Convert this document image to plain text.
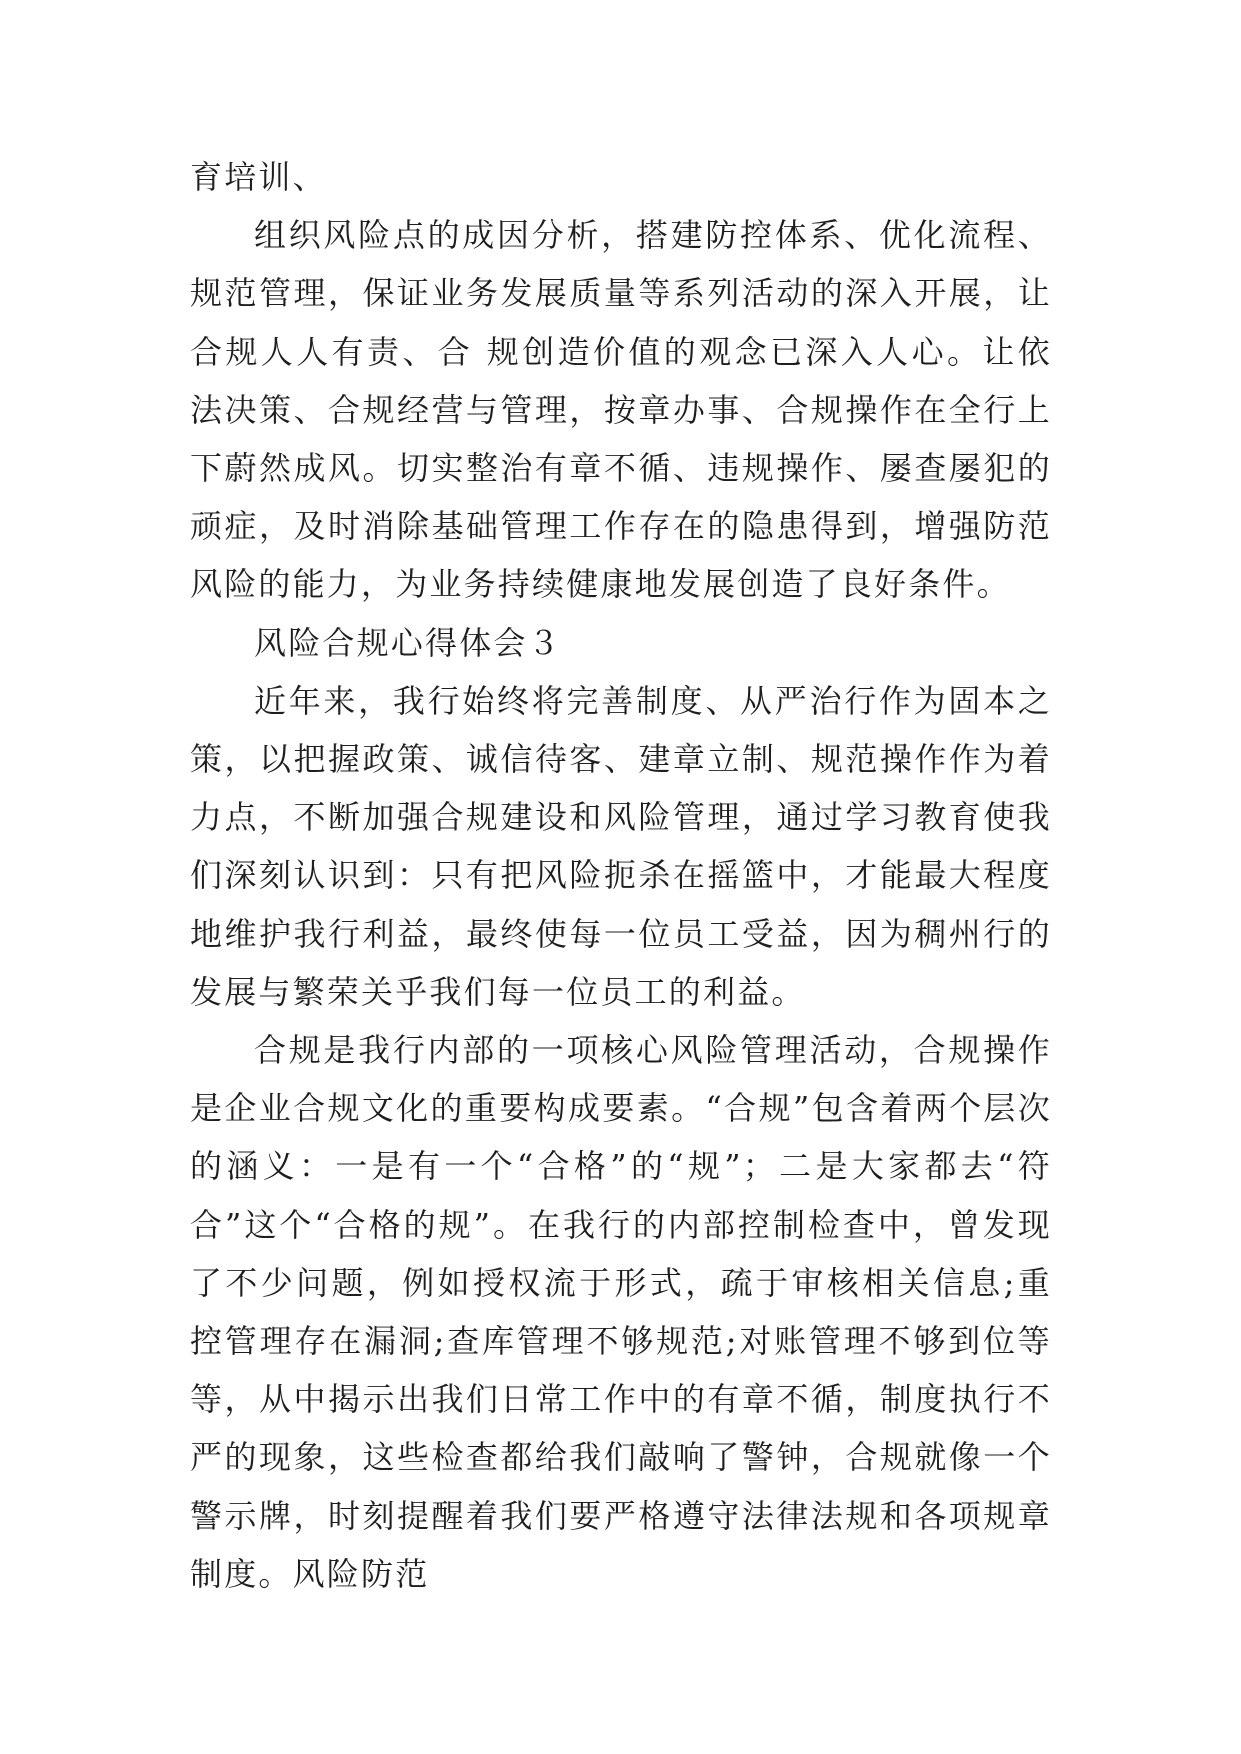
育培训、

组织风险点的成因分析，搭建防控体系、优化流程、规范管理，保证业务发展质量等系列活动的深入开展，让合规人人有责、合 规创造价值的观念已深入人心。让依法决策、合规经营与管理，按章办事、合规操作在全行上下蔚然成风。切实整治有章不循、违规操作、屡查屡犯的顽症，及时消除基础管理工作存在的隐患得到，增强防范风险的能力，为业务持续健康地发展创造了良好条件。

风险合规心得体会３

近年来，我行始终将完善制度、从严治行作为固本之策，以把握政策、诚信待客、建章立制、规范操作作为着力点，不断加强合规建设和风险管理，通过学习教育使我们深刻认识到：只有把风险扼杀在摇篮中，才能最大程度地维护我行利益，最终使每一位员工受益，因为稠州行的发展与繁荣关乎我们每一位员工的利益。

合规是我行内部的一项核心风险管理活动，合规操作是企业合规文化的重要构成要素。“合规”包含着两个层次的涵义：一是有一个“合格”的“规”；二是大家都去“符合”这个“合格的规”。在我行的内部控制检查中，曾发现了不少问题，例如授权流于形式，疏于审核相关信息;重控管理存在漏洞;查库管理不够规范;对账管理不够到位等等，从中揭示出我们日常工作中的有章不循，制度执行不严的现象，这些检查都给我们敲响了警钟，合规就像一个警示牌，时刻提醒着我们要严格遵守法律法规和各项规章制度。风险防范
